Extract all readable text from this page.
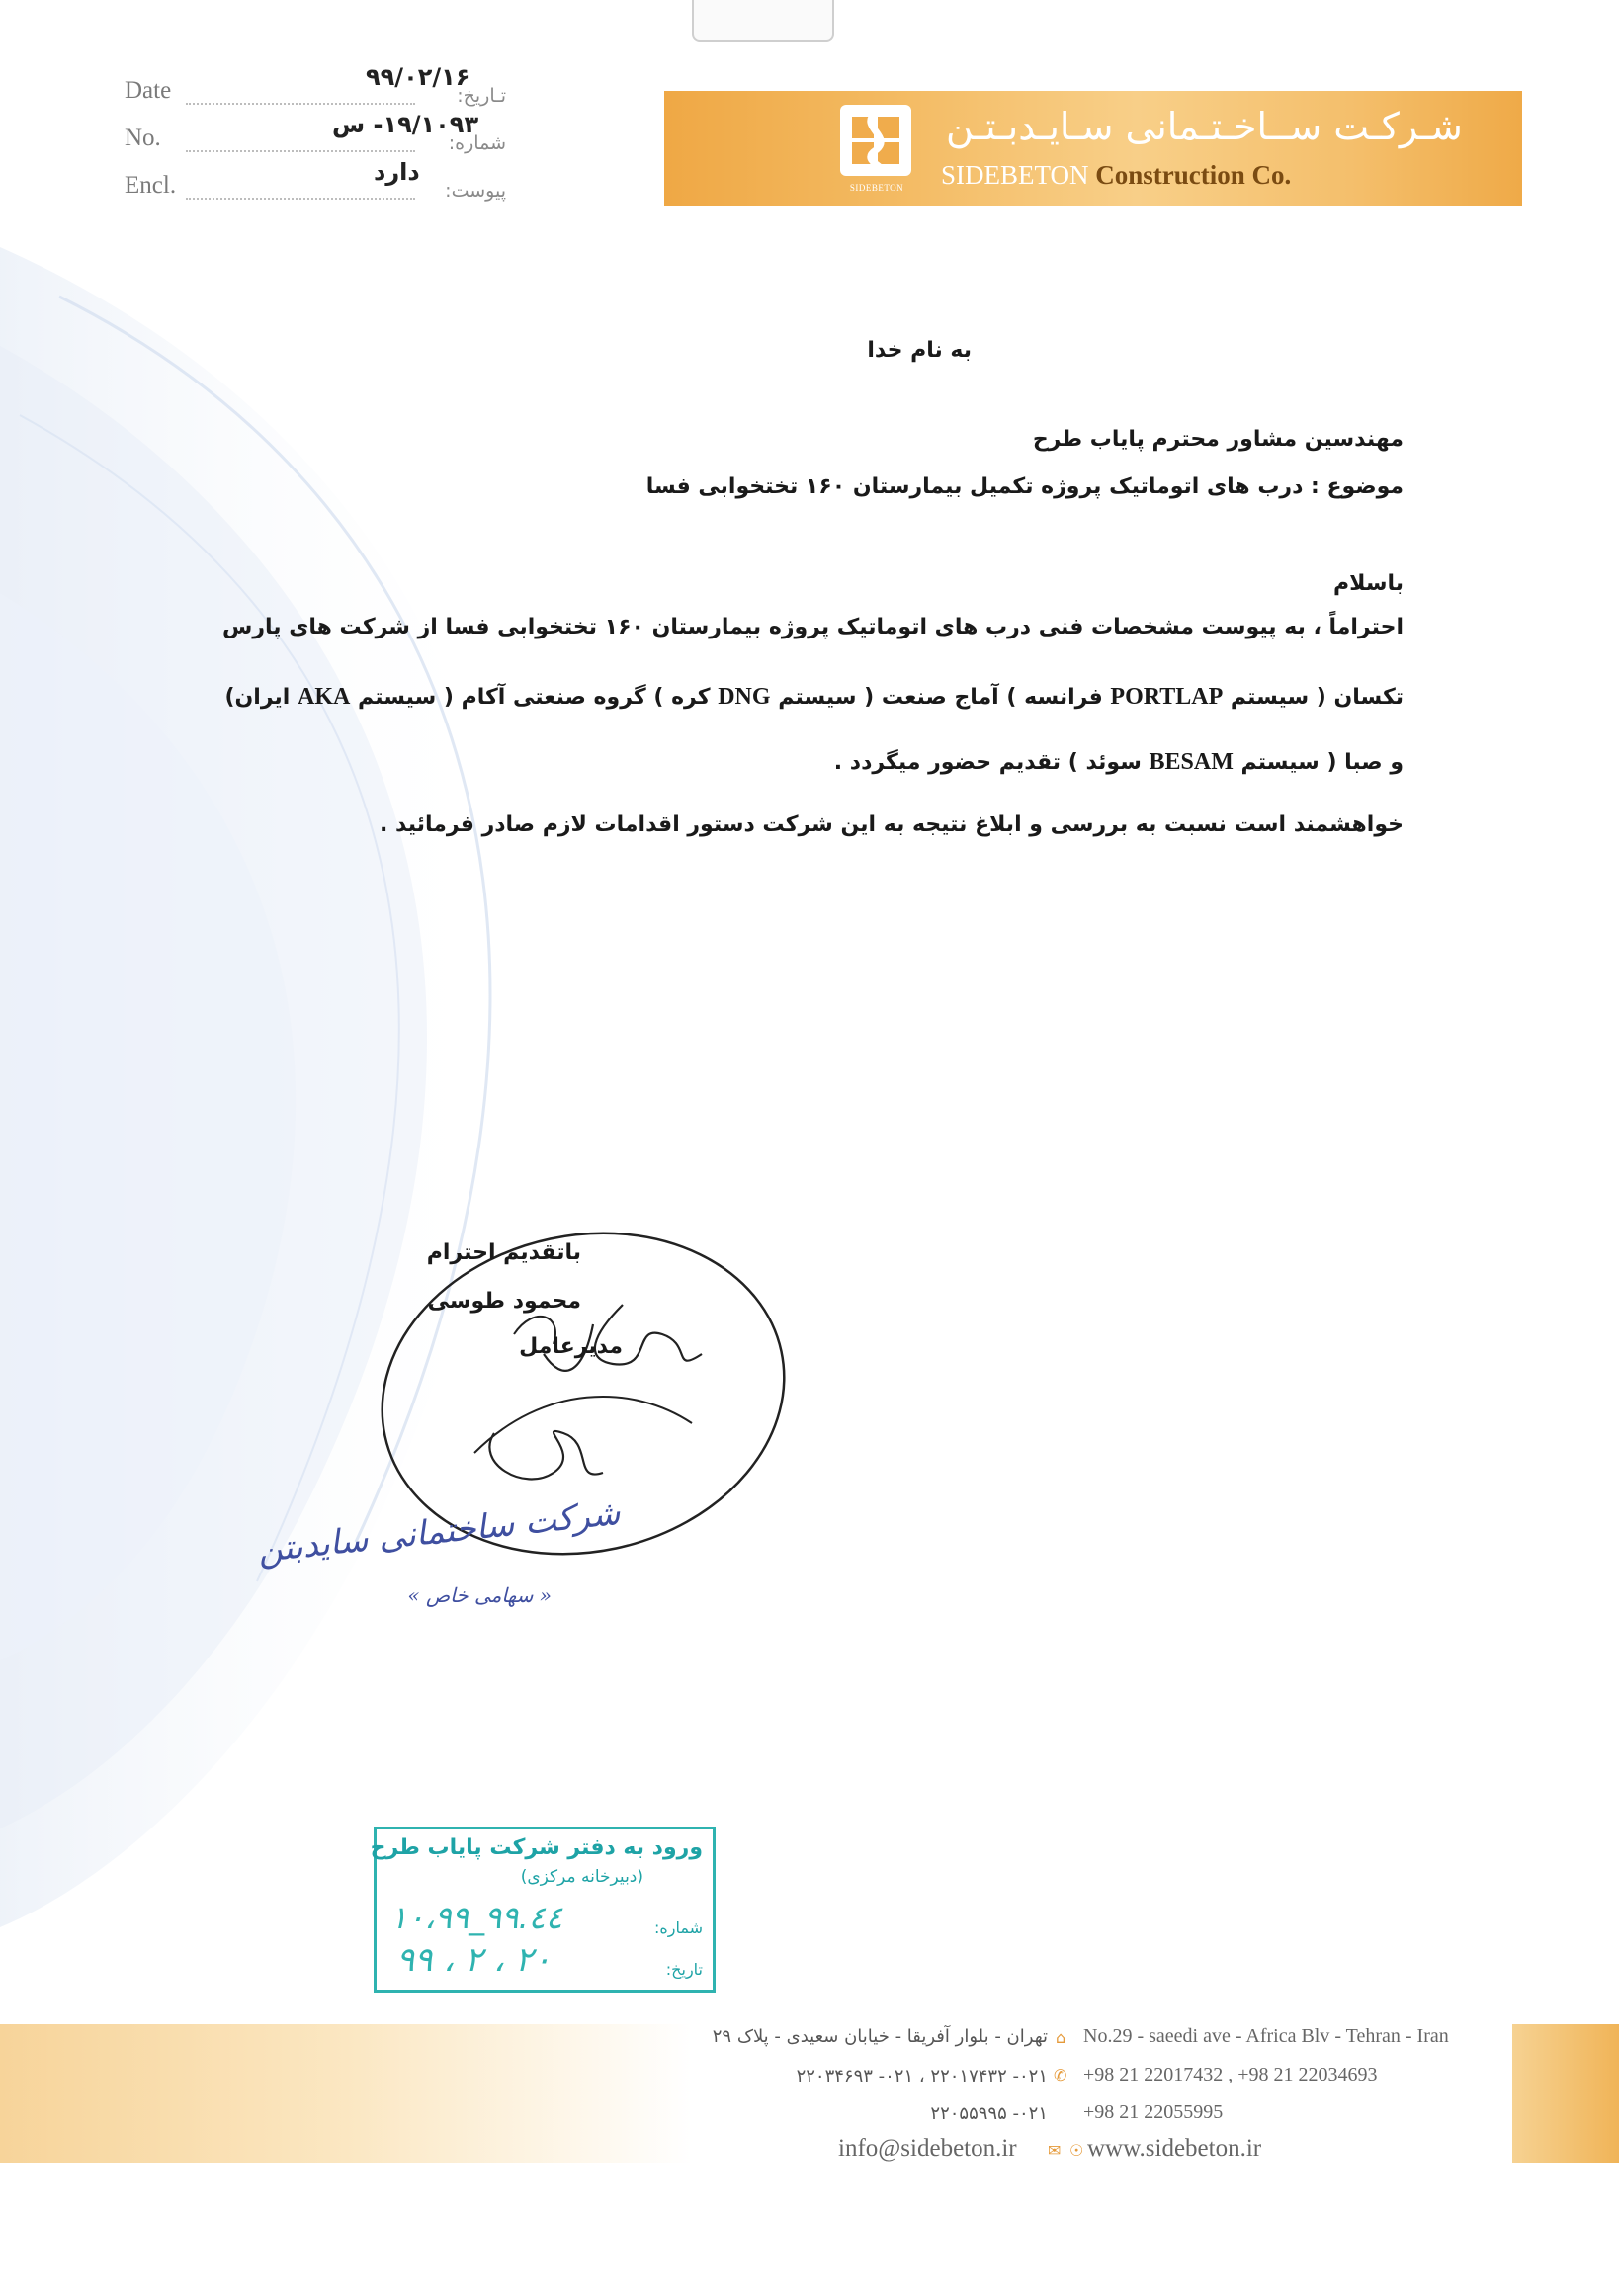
Date	تـاریخ:
۹۹/۰۲/۱۶
No.	شماره:
۱۹/۱۰۹۳- س
Encl.	پیوست:
دارد
SIDEBETON
شـرکـت ســاخـتـمانی سـایـدبـتـن
SIDEBETON Construction Co.
به نام خدا
مهندسین مشاور محترم پایاب طرح
موضوع : درب های اتوماتیک پروژه تکمیل بیمارستان ۱۶۰ تختخوابی فسا
باسلام
احتراماً ، به پیوست مشخصات فنی درب های اتوماتیک پروژه بیمارستان ۱۶۰ تختخوابی فسا از شرکت های پارس
تکسان ( سیستم PORTLAP فرانسه ) آماج صنعت ( سیستم DNG کره ) گروه صنعتی آکام ( سیستم AKA ایران)
و صبا ( سیستم BESAM سوئد ) تقدیم حضور میگردد .
خواهشمند است نسبت به بررسی و ابلاغ نتیجه به این شرکت دستور اقدامات لازم صادر فرمائید .
باتقدیم احترام
محمود طوسی
مدیرعامل
شرکت ساختمانی سایدبتن
« سهامی خاص »
ورود به دفتر شرکت پایاب طرح
(دبیرخانه مرکزی)
شماره:
۱۰،۹۹_۹۹.٤٤
تاریخ:
۹۹ ، ۲ ، ۲۰
تهران - بلوار آفریقا - خیابان سعیدی - پلاک ۲۹ ⌂ No.29 - saeedi ave - Africa Blv - Tehran - Iran
۰۲۱- ۲۲۰۱۷۴۳۲ ، ۰۲۱- ۲۲۰۳۴۶۹۳ ✆ +98 21 22017432 , +98 21 22034693
۰۲۱- ۲۲۰۵۵۹۹۵ +98 21 22055995
info@sidebeton.ir ✉ ☉ www.sidebeton.ir
